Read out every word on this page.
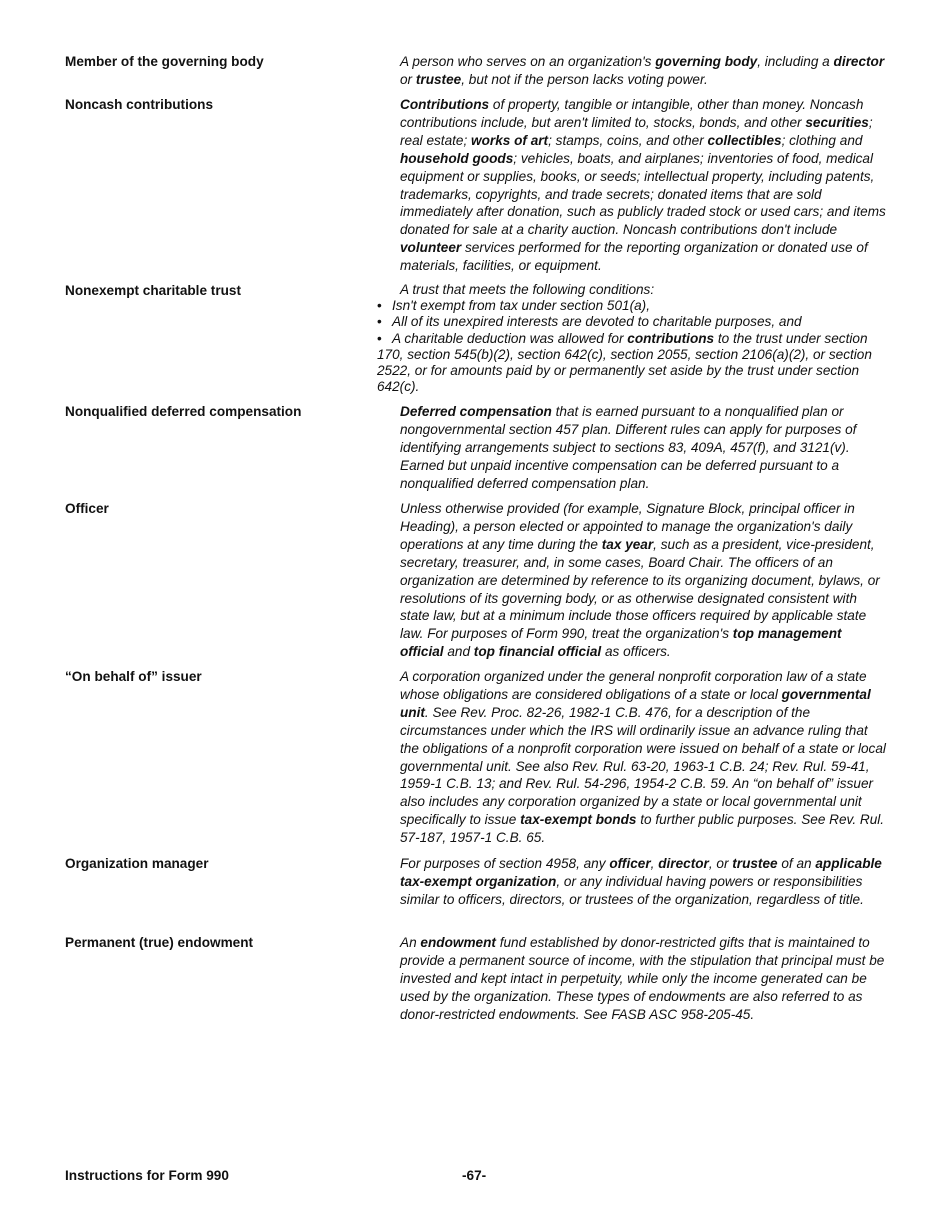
Member of the governing body	A person who serves on an organization's governing body, including a director or trustee, but not if the person lacks voting power.
Noncash contributions	Contributions of property, tangible or intangible, other than money. Noncash contributions include, but aren't limited to, stocks, bonds, and other securities; real estate; works of art; stamps, coins, and other collectibles; clothing and household goods; vehicles, boats, and airplanes; inventories of food, medical equipment or supplies, books, or seeds; intellectual property, including patents, trademarks, copyrights, and trade secrets; donated items that are sold immediately after donation, such as publicly traded stock or used cars; and items donated for sale at a charity auction. Noncash contributions don't include volunteer services performed for the reporting organization or donated use of materials, facilities, or equipment.
Nonexempt charitable trust	A trust that meets the following conditions:
• Isn't exempt from tax under section 501(a),
• All of its unexpired interests are devoted to charitable purposes, and
• A charitable deduction was allowed for contributions to the trust under section 170, section 545(b)(2), section 642(c), section 2055, section 2106(a)(2), or section 2522, or for amounts paid by or permanently set aside by the trust under section 642(c).
Nonqualified deferred compensation	Deferred compensation that is earned pursuant to a nonqualified plan or nongovernmental section 457 plan. Different rules can apply for purposes of identifying arrangements subject to sections 83, 409A, 457(f), and 3121(v). Earned but unpaid incentive compensation can be deferred pursuant to a nonqualified deferred compensation plan.
Officer	Unless otherwise provided (for example, Signature Block, principal officer in Heading), a person elected or appointed to manage the organization's daily operations at any time during the tax year, such as a president, vice-president, secretary, treasurer, and, in some cases, Board Chair. The officers of an organization are determined by reference to its organizing document, bylaws, or resolutions of its governing body, or as otherwise designated consistent with state law, but at a minimum include those officers required by applicable state law. For purposes of Form 990, treat the organization's top management official and top financial official as officers.
“On behalf of” issuer	A corporation organized under the general nonprofit corporation law of a state whose obligations are considered obligations of a state or local governmental unit. See Rev. Proc. 82-26, 1982-1 C.B. 476, for a description of the circumstances under which the IRS will ordinarily issue an advance ruling that the obligations of a nonprofit corporation were issued on behalf of a state or local governmental unit. See also Rev. Rul. 63-20, 1963-1 C.B. 24; Rev. Rul. 59-41, 1959-1 C.B. 13; and Rev. Rul. 54-296, 1954-2 C.B. 59. An “on behalf of” issuer also includes any corporation organized by a state or local governmental unit specifically to issue tax-exempt bonds to further public purposes. See Rev. Rul. 57-187, 1957-1 C.B. 65.
Organization manager	For purposes of section 4958, any officer, director, or trustee of an applicable tax-exempt organization, or any individual having powers or responsibilities similar to officers, directors, or trustees of the organization, regardless of title.
Permanent (true) endowment	An endowment fund established by donor-restricted gifts that is maintained to provide a permanent source of income, with the stipulation that principal must be invested and kept intact in perpetuity, while only the income generated can be used by the organization. These types of endowments are also referred to as donor-restricted endowments. See FASB ASC 958-205-45.
Instructions for Form 990	-67-
